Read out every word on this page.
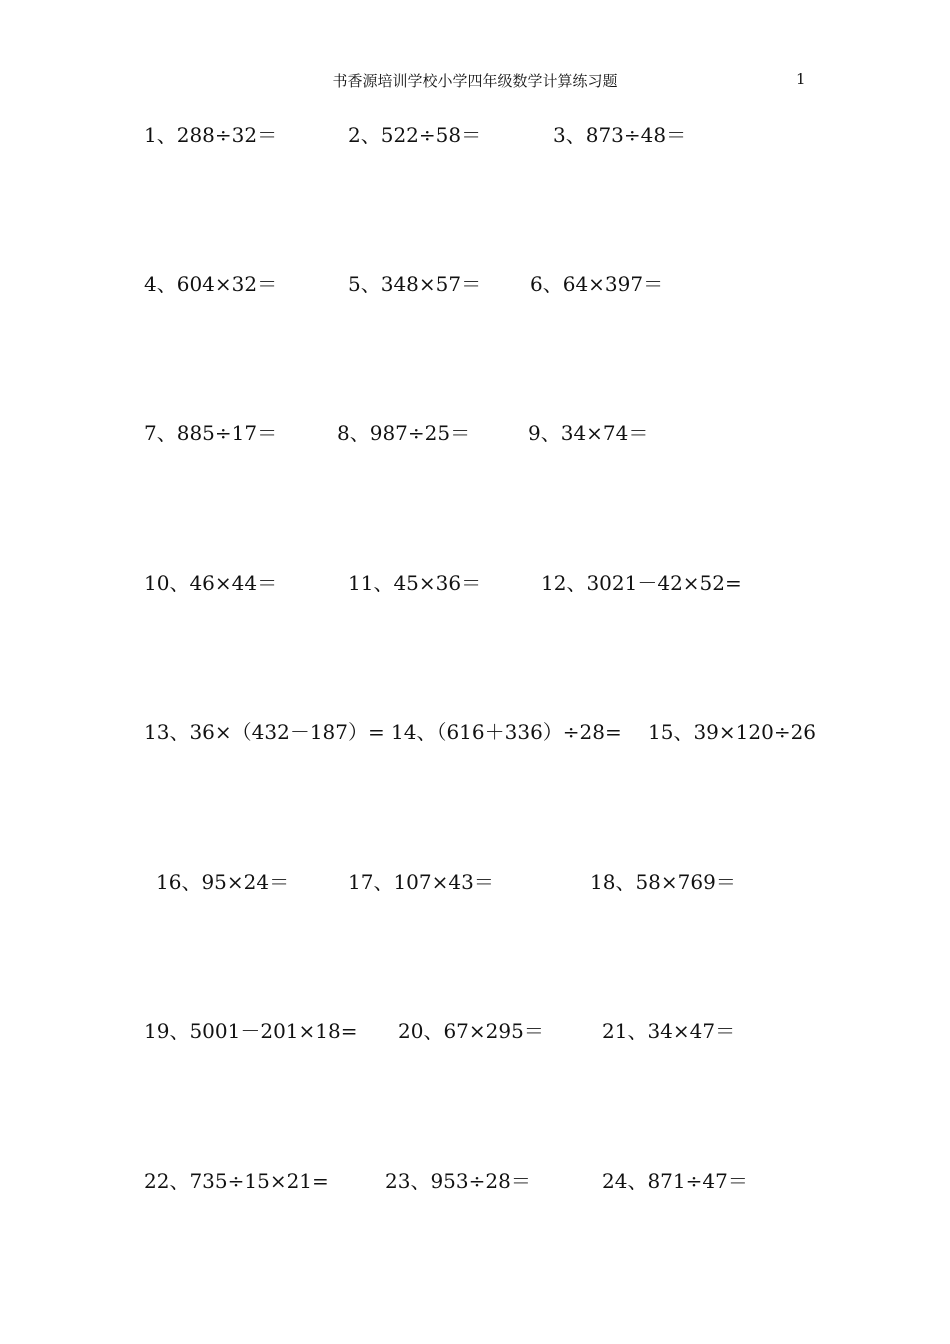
书香源培训学校小学四年级数学计算练习题	1
1、288÷32＝	2、522÷58＝	3、873÷48＝
4、604×32＝	5、348×57＝ 6、64×397＝
7、885÷17＝	8、987÷25＝	9、34×74＝
10、46×44＝	11、45×36＝	12、3021－42×52=
13、36×（432－187）= 14、（616＋336）÷28= 15、39×120÷26
16、95×24＝	17、107×43＝	18、58×769＝
19、5001－201×18= 20、67×295＝	21、34×47＝
22、735÷15×21=	23、953÷28＝	24、871÷47＝
